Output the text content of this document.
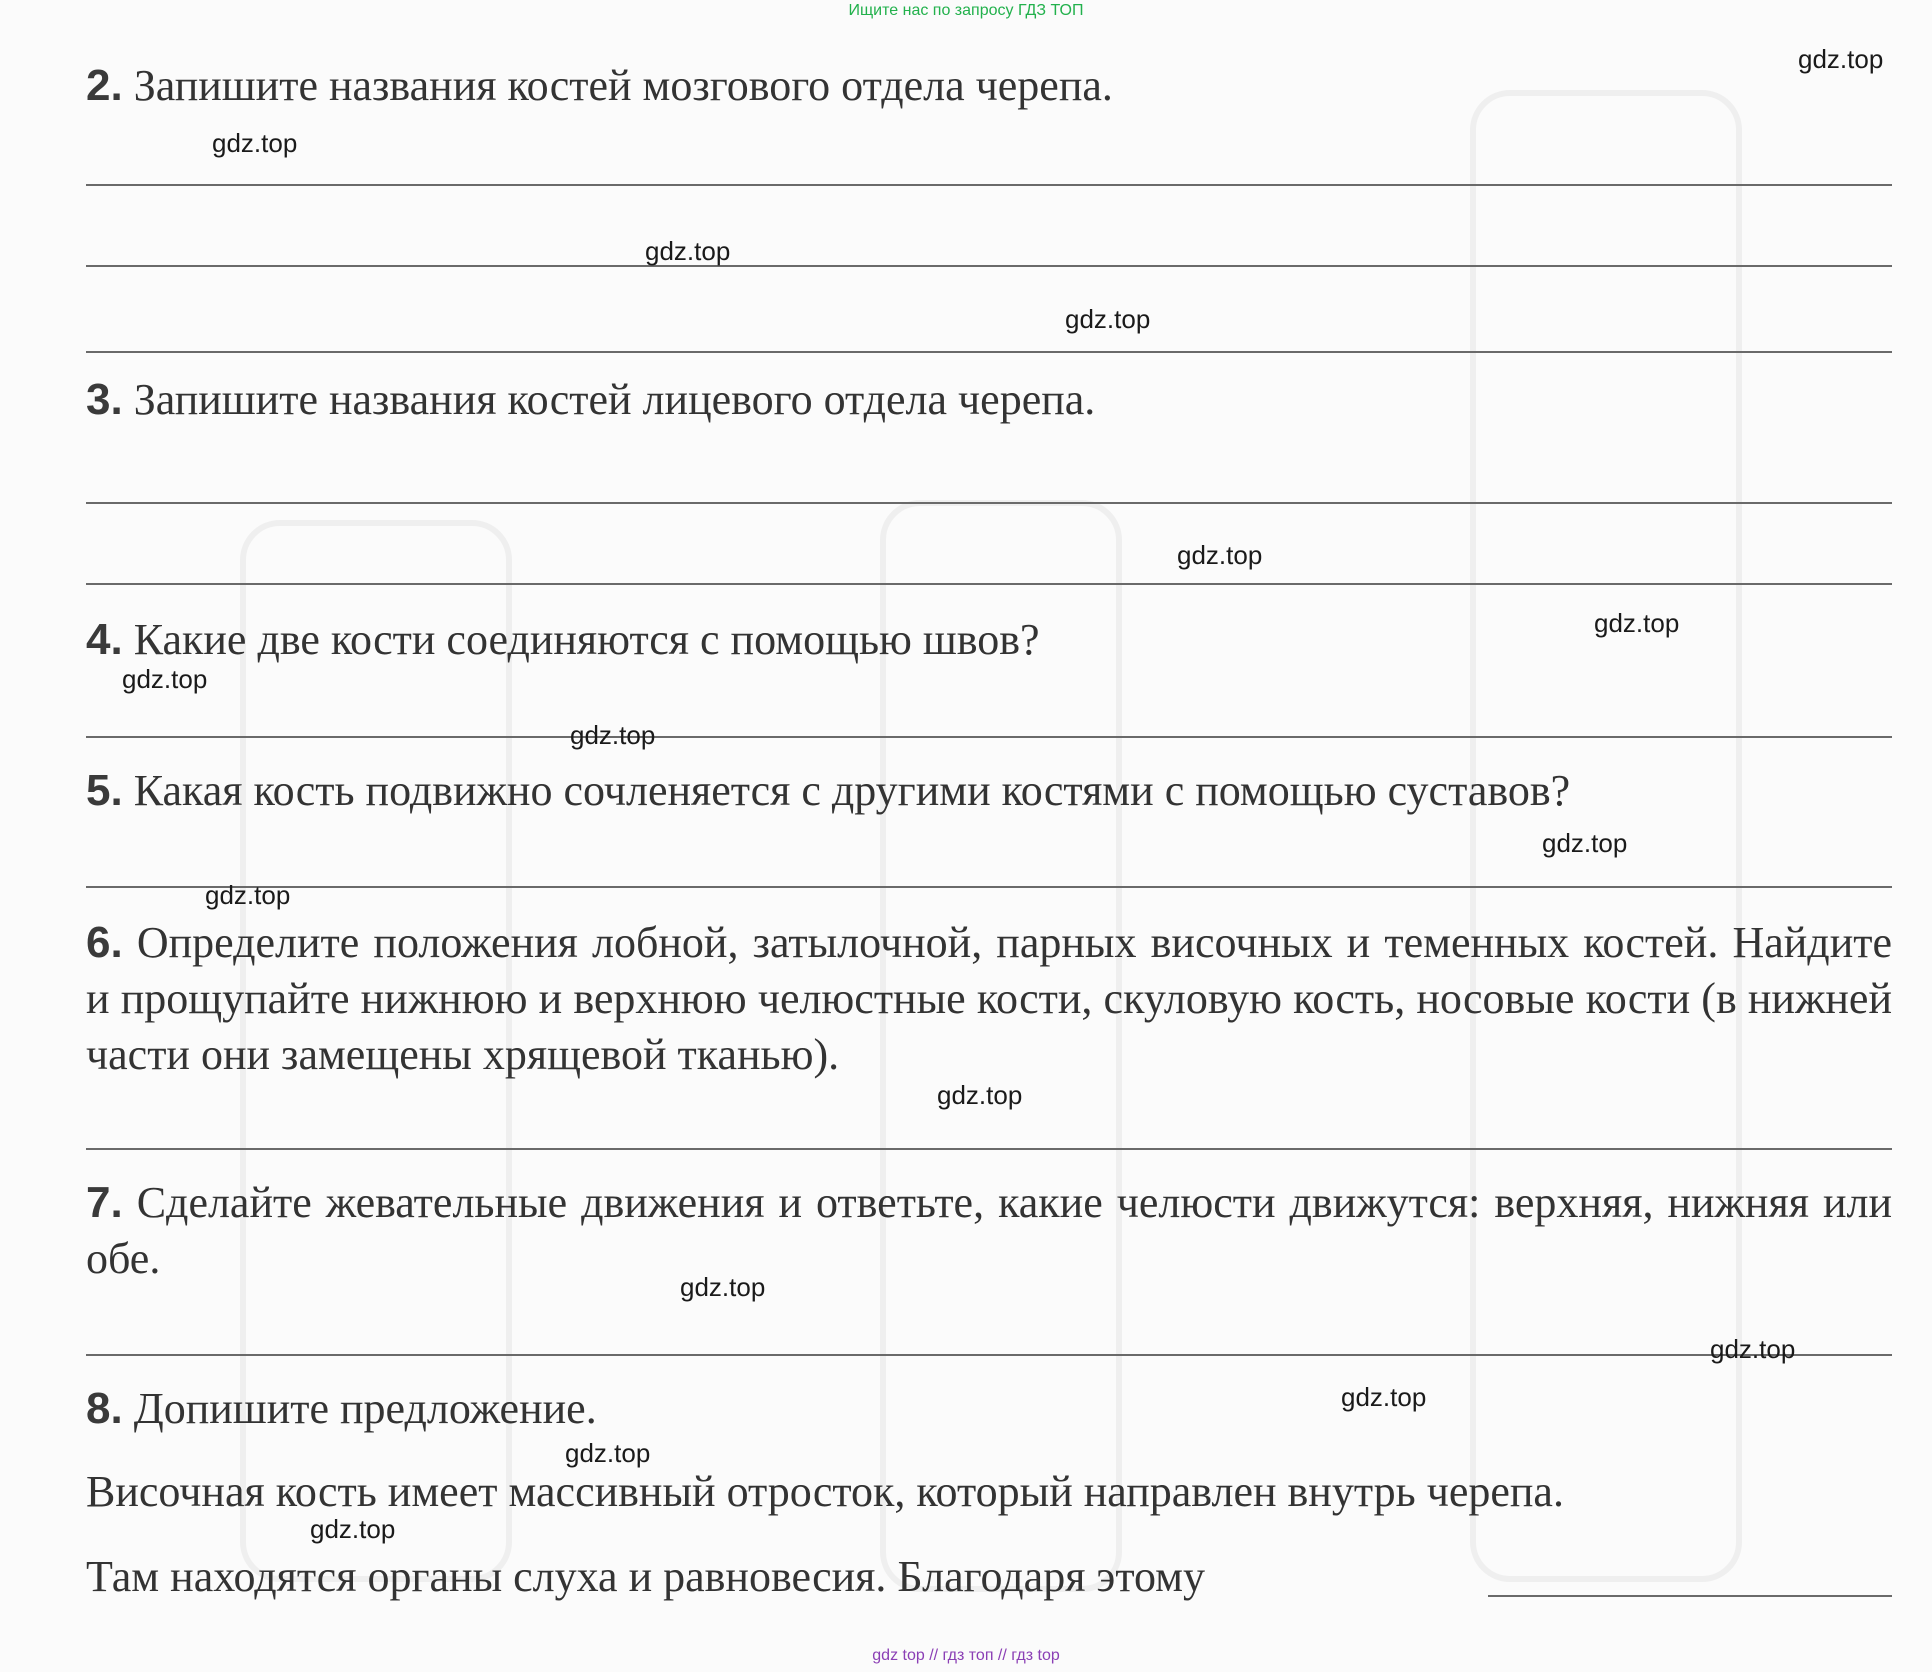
Ищите нас по запросу ГДЗ ТОП
2. Запишите названия костей мозгового отдела черепа.
3. Запишите названия костей лицевого отдела черепа.
4. Какие две кости соединяются с помощью швов?
5. Какая кость подвижно сочленяется с другими костями с помощью суставов?
6. Определите положения лобной, затылочной, парных височных и теменных костей. Найдите и прощупайте нижнюю и верхнюю челюстные кости, скуловую кость, носовые кости (в нижней части они замещены хрящевой тканью).
7. Сделайте жевательные движения и ответьте, какие челюсти движутся: верхняя, нижняя или обе.
8. Допишите предложение.
Височная кость имеет массивный отросток, который направлен внутрь черепа.
Там находятся органы слуха и равновесия. Благодаря этому
gdz.top
gdz.top
gdz.top
gdz.top
gdz.top
gdz.top
gdz.top
gdz.top
gdz.top
gdz.top
gdz.top
gdz.top
gdz.top
gdz.top
gdz.top
gdz.top
gdz top // гдз топ // гдз top
